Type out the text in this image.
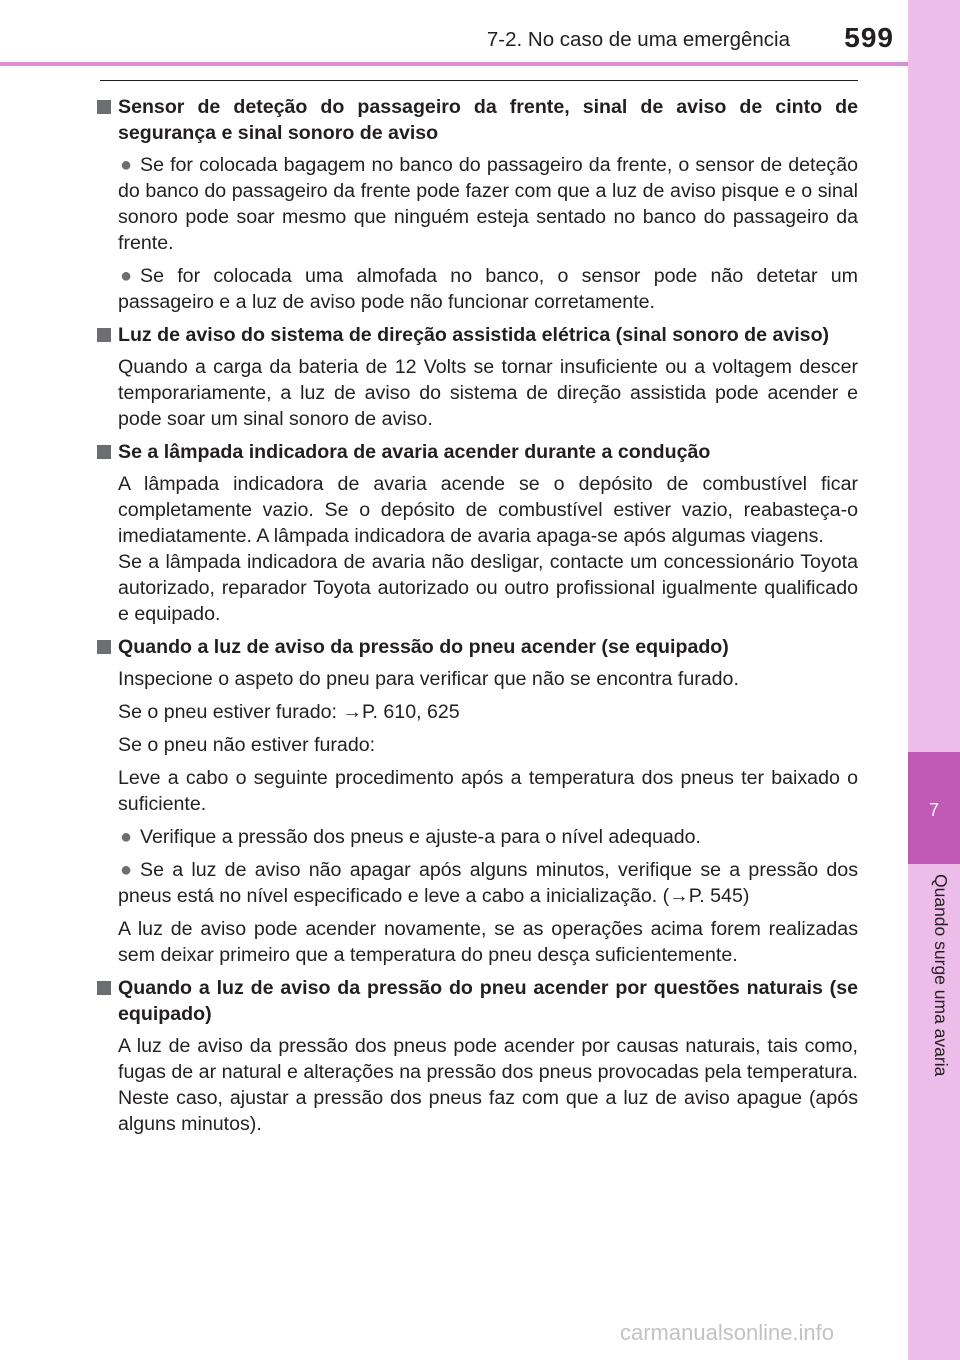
7-2. No caso de uma emergência	599
7
Quando surge uma avaria
Sensor de deteção do passageiro da frente, sinal de aviso de cinto de segurança e sinal sonoro de aviso
● Se for colocada bagagem no banco do passageiro da frente, o sensor de deteção do banco do passageiro da frente pode fazer com que a luz de aviso pisque e o sinal sonoro pode soar mesmo que ninguém esteja sentado no banco do passageiro da frente.
● Se for colocada uma almofada no banco, o sensor pode não detetar um passageiro e a luz de aviso pode não funcionar corretamente.
Luz de aviso do sistema de direção assistida elétrica (sinal sonoro de aviso)
Quando a carga da bateria de 12 Volts se tornar insuficiente ou a voltagem descer temporariamente, a luz de aviso do sistema de direção assistida pode acender e pode soar um sinal sonoro de aviso.
Se a lâmpada indicadora de avaria acender durante a condução
A lâmpada indicadora de avaria acende se o depósito de combustível ficar completamente vazio. Se o depósito de combustível estiver vazio, reabasteça-o imediatamente. A lâmpada indicadora de avaria apaga-se após algumas viagens.
Se a lâmpada indicadora de avaria não desligar, contacte um concessionário Toyota autorizado, reparador Toyota autorizado ou outro profissional igualmente qualificado e equipado.
Quando a luz de aviso da pressão do pneu acender (se equipado)
Inspecione o aspeto do pneu para verificar que não se encontra furado.
Se o pneu estiver furado: →P. 610, 625
Se o pneu não estiver furado:
Leve a cabo o seguinte procedimento após a temperatura dos pneus ter baixado o suficiente.
● Verifique a pressão dos pneus e ajuste-a para o nível adequado.
● Se a luz de aviso não apagar após alguns minutos, verifique se a pressão dos pneus está no nível especificado e leve a cabo a inicialização. (→P. 545)
A luz de aviso pode acender novamente, se as operações acima forem realizadas sem deixar primeiro que a temperatura do pneu desça suficientemente.
Quando a luz de aviso da pressão do pneu acender por questões naturais (se equipado)
A luz de aviso da pressão dos pneus pode acender por causas naturais, tais como, fugas de ar natural e alterações na pressão dos pneus provocadas pela temperatura. Neste caso, ajustar a pressão dos pneus faz com que a luz de aviso apague (após alguns minutos).
carmanualsonline.info
